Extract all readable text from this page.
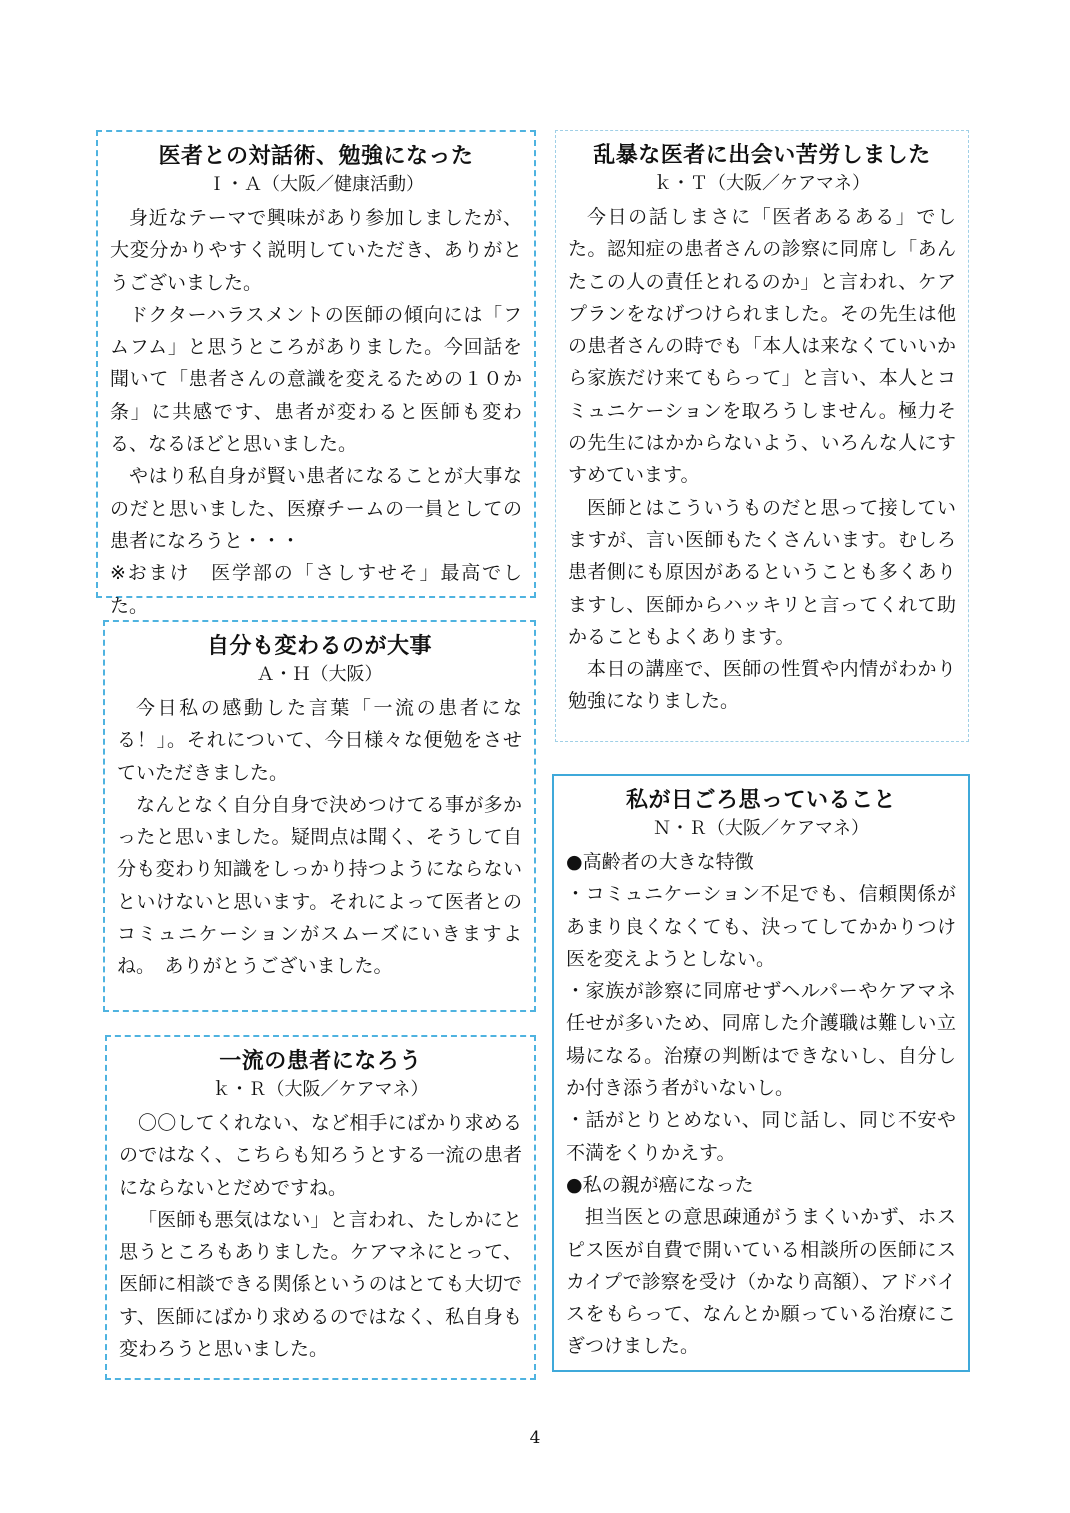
医者との対話術、勉強になった
Ｉ・Ａ（大阪／健康活動）

身近なテーマで興味があり参加しましたが、大変分かりやすく説明していただき、ありがとうございました。

ドクターハラスメントの医師の傾向には「フムフム」と思うところがありました。今回話を聞いて「患者さんの意識を変えるための１０か条」に共感です、患者が変わると医師も変わる、なるほどと思いました。

やはり私自身が賢い患者になることが大事なのだと思いました、医療チームの一員としての患者になろうと・・・

※おまけ　医学部の「さしすせそ」最高でした。

自分も変わるのが大事
Ａ・Ｈ（大阪）

今日私の感動した言葉「一流の患者になる！」。それについて、今日様々な便勉をさせていただきました。

なんとなく自分自身で決めつけてる事が多かったと思いました。疑問点は聞く、そうして自分も変わり知識をしっかり持つようにならないといけないと思います。それによって医者とのコミュニケーションがスムーズにいきますよね。　ありがとうございました。

一流の患者になろう
ｋ・Ｒ（大阪／ケアマネ）

〇〇してくれない、など相手にばかり求めるのではなく、こちらも知ろうとする一流の患者にならないとだめですね。

「医師も悪気はない」と言われ、たしかにと思うところもありました。ケアマネにとって、医師に相談できる関係というのはとても大切です、医師にばかり求めるのではなく、私自身も変わろうと思いました。

乱暴な医者に出会い苦労しました
ｋ・Ｔ（大阪／ケアマネ）

今日の話しまさに「医者あるある」でした。認知症の患者さんの診察に同席し「あんたこの人の責任とれるのか」と言われ、ケアプランをなげつけられました。その先生は他の患者さんの時でも「本人は来なくていいから家族だけ来てもらって」と言い、本人とコミュニケーションを取ろうしません。極力その先生にはかからないよう、いろんな人にすすめています。

医師とはこういうものだと思って接していますが、言い医師もたくさんいます。むしろ患者側にも原因があるということも多くありますし、医師からハッキリと言ってくれて助かることもよくあります。

本日の講座で、医師の性質や内情がわかり勉強になりました。

私が日ごろ思っていること
Ｎ・Ｒ（大阪／ケアマネ）

●高齢者の大きな特徴

・コミュニケーション不足でも、信頼関係があまり良くなくても、決ってしてかかりつけ医を変えようとしない。

・家族が診察に同席せずヘルパーやケアマネ任せが多いため、同席した介護職は難しい立場になる。治療の判断はできないし、自分しか付き添う者がいないし。

・話がとりとめない、同じ話し、同じ不安や不満をくりかえす。

●私の親が癌になった

担当医との意思疎通がうまくいかず、ホスピス医が自費で開いている相談所の医師にスカイプで診察を受け（かなり高額）、アドバイスをもらって、なんとか願っている治療にこぎつけました。

4
